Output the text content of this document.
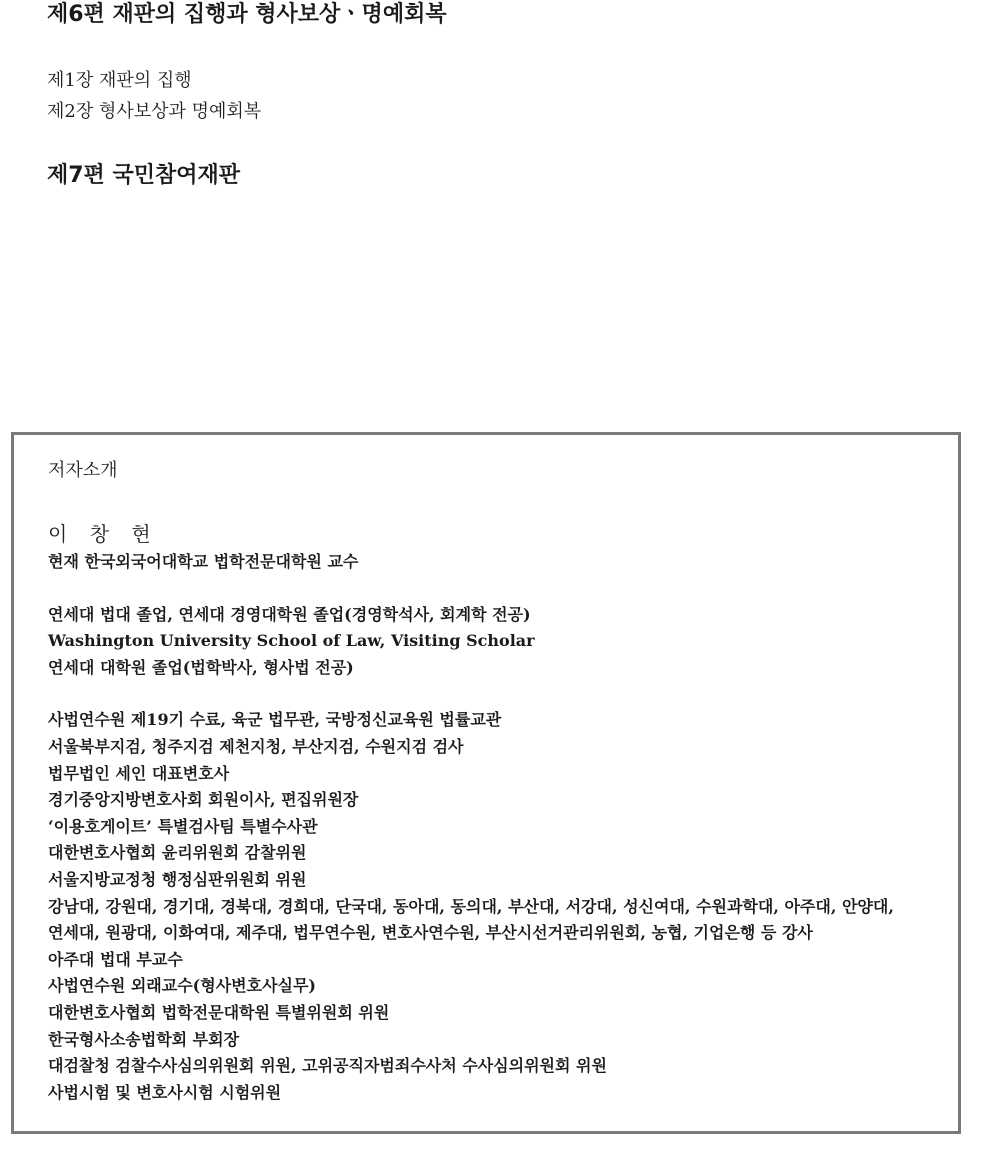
제6편 재판의 집행과 형사보상ㆍ명예회복
제1장 재판의 집행
제2장 형사보상과 명예회복
제7편 국민참여재판
저자소개
이 창 현
현재 한국외국어대학교 법학전문대학원 교수
연세대 법대 졸업, 연세대 경영대학원 졸업(경영학석사, 회계학 전공)
Washington University School of Law, Visiting Scholar
연세대 대학원 졸업(법학박사, 형사법 전공)
사법연수원 제19기 수료, 육군 법무관, 국방정신교육원 법률교관
서울북부지검, 청주지검 제천지청, 부산지검, 수원지검 검사
법무법인 세인 대표변호사
경기중앙지방변호사회 회원이사, 편집위원장
‘이용호게이트’ 특별검사팀 특별수사관
대한변호사협회 윤리위원회 감찰위원
서울지방교정청 행정심판위원회 위원
강남대, 강원대, 경기대, 경북대, 경희대, 단국대, 동아대, 동의대, 부산대, 서강대, 성신여대, 수원과학대, 아주대, 안양대,
연세대, 원광대, 이화여대, 제주대, 법무연수원, 변호사연수원, 부산시선거관리위원회, 농협, 기업은행 등 강사
아주대 법대 부교수
사법연수원 외래교수(형사변호사실무)
대한변호사협회 법학전문대학원 특별위원회 위원
한국형사소송법학회 부회장
대검찰청 검찰수사심의위원회 위원, 고위공직자범죄수사처 수사심의위원회 위원
사법시험 및 변호사시험 시험위원
